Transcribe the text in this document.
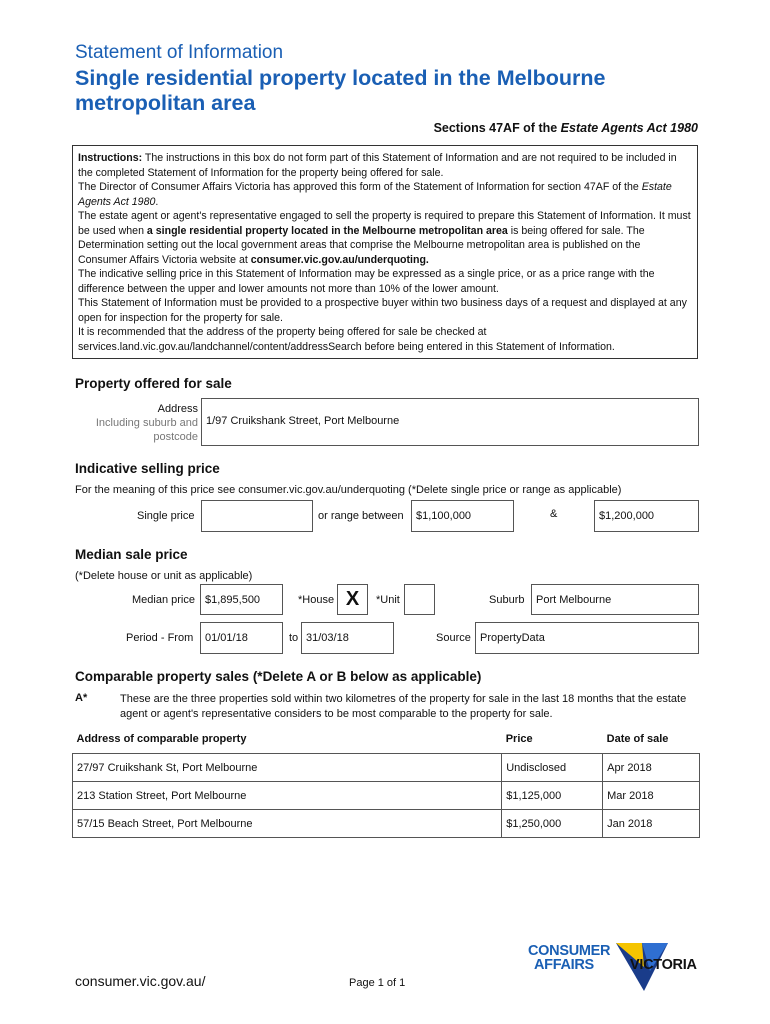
Statement of Information
Single residential property located in the Melbourne metropolitan area
Sections 47AF of the Estate Agents Act 1980

Instructions: The instructions in this box do not form part of this Statement of Information and are not required to be included in the completed Statement of Information for the property being offered for sale.

The Director of Consumer Affairs Victoria has approved this form of the Statement of Information for section 47AF of the Estate Agents Act 1980.

The estate agent or agent's representative engaged to sell the property is required to prepare this Statement of Information. It must be used when a single residential property located in the Melbourne metropolitan area is being offered for sale. The Determination setting out the local government areas that comprise the Melbourne metropolitan area is published on the Consumer Affairs Victoria website at consumer.vic.gov.au/underquoting.

The indicative selling price in this Statement of Information may be expressed as a single price, or as a price range with the difference between the upper and lower amounts not more than 10% of the lower amount.

This Statement of Information must be provided to a prospective buyer within two business days of a request and displayed at any open for inspection for the property for sale.

It is recommended that the address of the property being offered for sale be checked at services.land.vic.gov.au/landchannel/content/addressSearch before being entered in this Statement of Information.

Property offered for sale
Address
Including suburb and
postcode
1/97 Cruikshank Street, Port Melbourne
Indicative selling price
For the meaning of this price see consumer.vic.gov.au/underquoting (*Delete single price or range as applicable)
Single price	or range between	$1,100,000	&	$1,200,000
Median sale price
(*Delete house or unit as applicable)
Median price $1,895,500	*House X	*Unit	Suburb	Port Melbourne
Period - From	01/01/18	to 31/03/18	Source PropertyData
Comparable property sales (*Delete A or B below as applicable)
A*	These are the three properties sold within two kilometres of the property for sale in the last 18 months that the estate agent or agent's representative considers to be most comparable to the property for sale.
Address of comparable property	Price	Date of sale
27/97 Cruikshank St, Port Melbourne	Undisclosed	Apr 2018
213 Station Street, Port Melbourne	$1,125,000	Mar 2018
57/15 Beach Street, Port Melbourne	$1,250,000	Jan 2018
consumer.vic.gov.au/	Page 1 of 1
CONSUMER
AFFAIRS VICTORIA
